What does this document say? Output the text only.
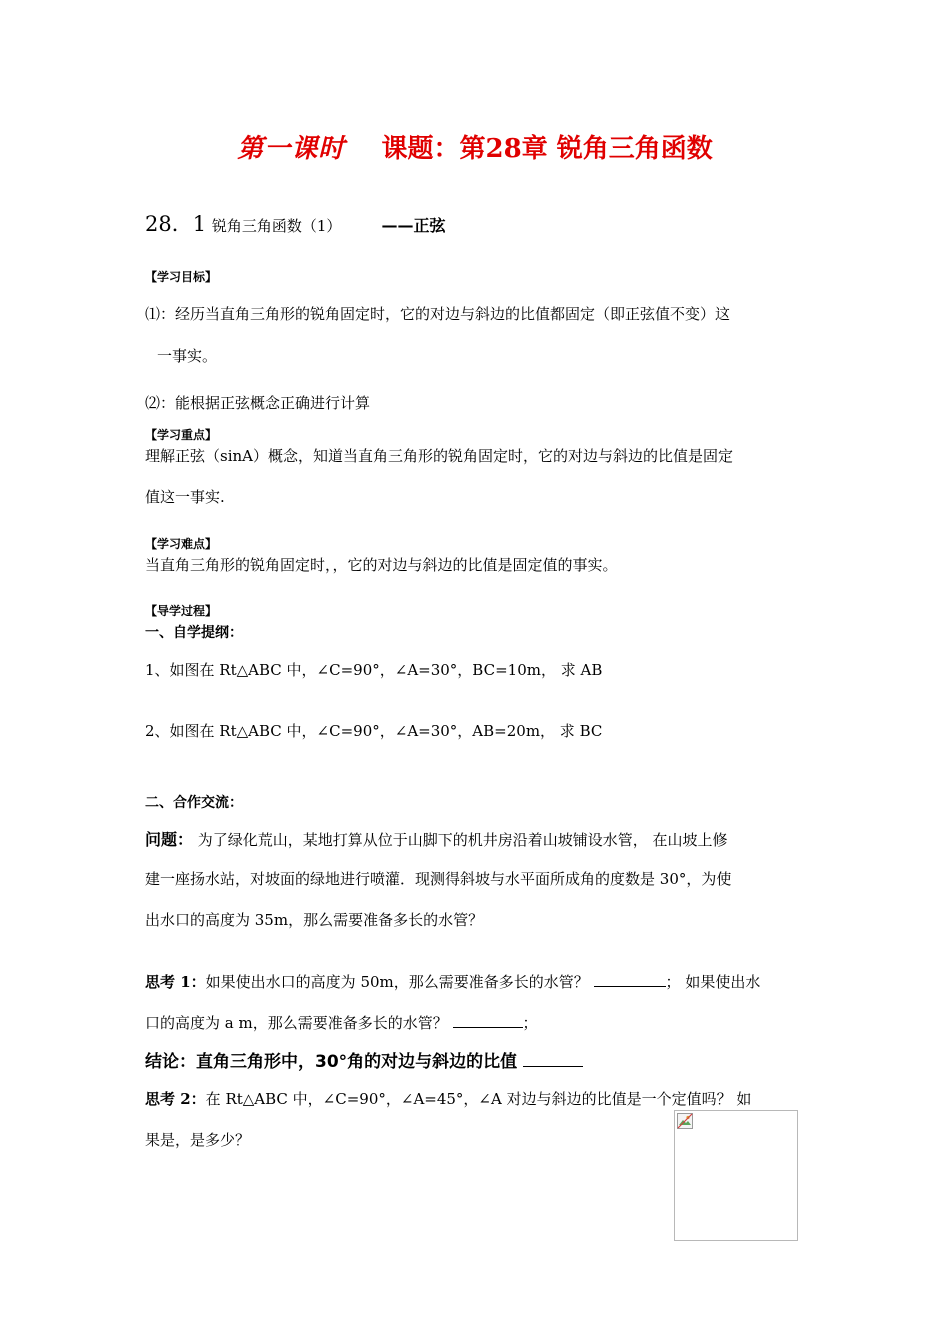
第一课时 课题：第28章 锐角三角函数
28．1 锐角三角函数（1）	——正弦
【学习目标】
⑴：经历当直角三角形的锐角固定时，它的对边与斜边的比值都固定（即正弦值不变）这
一事实。
⑵：能根据正弦概念正确进行计算
【学习重点】
理解正弦（sinA）概念，知道当直角三角形的锐角固定时，它的对边与斜边的比值是固定
值这一事实.
【学习难点】
当直角三角形的锐角固定时，，它的对边与斜边的比值是固定值的事实。
【导学过程】
一、自学提纲：
1、如图在 Rt△ABC 中，∠C=90°，∠A=30°，BC=10m， 求 AB
2、如图在 Rt△ABC 中，∠C=90°，∠A=30°，AB=20m， 求 BC
二、合作交流：
问题： 为了绿化荒山，某地打算从位于山脚下的机井房沿着山坡铺设水管， 在山坡上修
建一座扬水站，对坡面的绿地进行喷灌．现测得斜坡与水平面所成角的度数是 30°，为使
出水口的高度为 35m，那么需要准备多长的水管？
思考 1：如果使出水口的高度为 50m，那么需要准备多长的水管？	； 如果使出水
口的高度为 a m，那么需要准备多长的水管？	；
结论：直角三角形中，30°角的对边与斜边的比值
思考 2：在 Rt△ABC 中，∠C=90°，∠A=45°，∠A 对边与斜边的比值是一个定值吗？ 如
果是，是多少？
